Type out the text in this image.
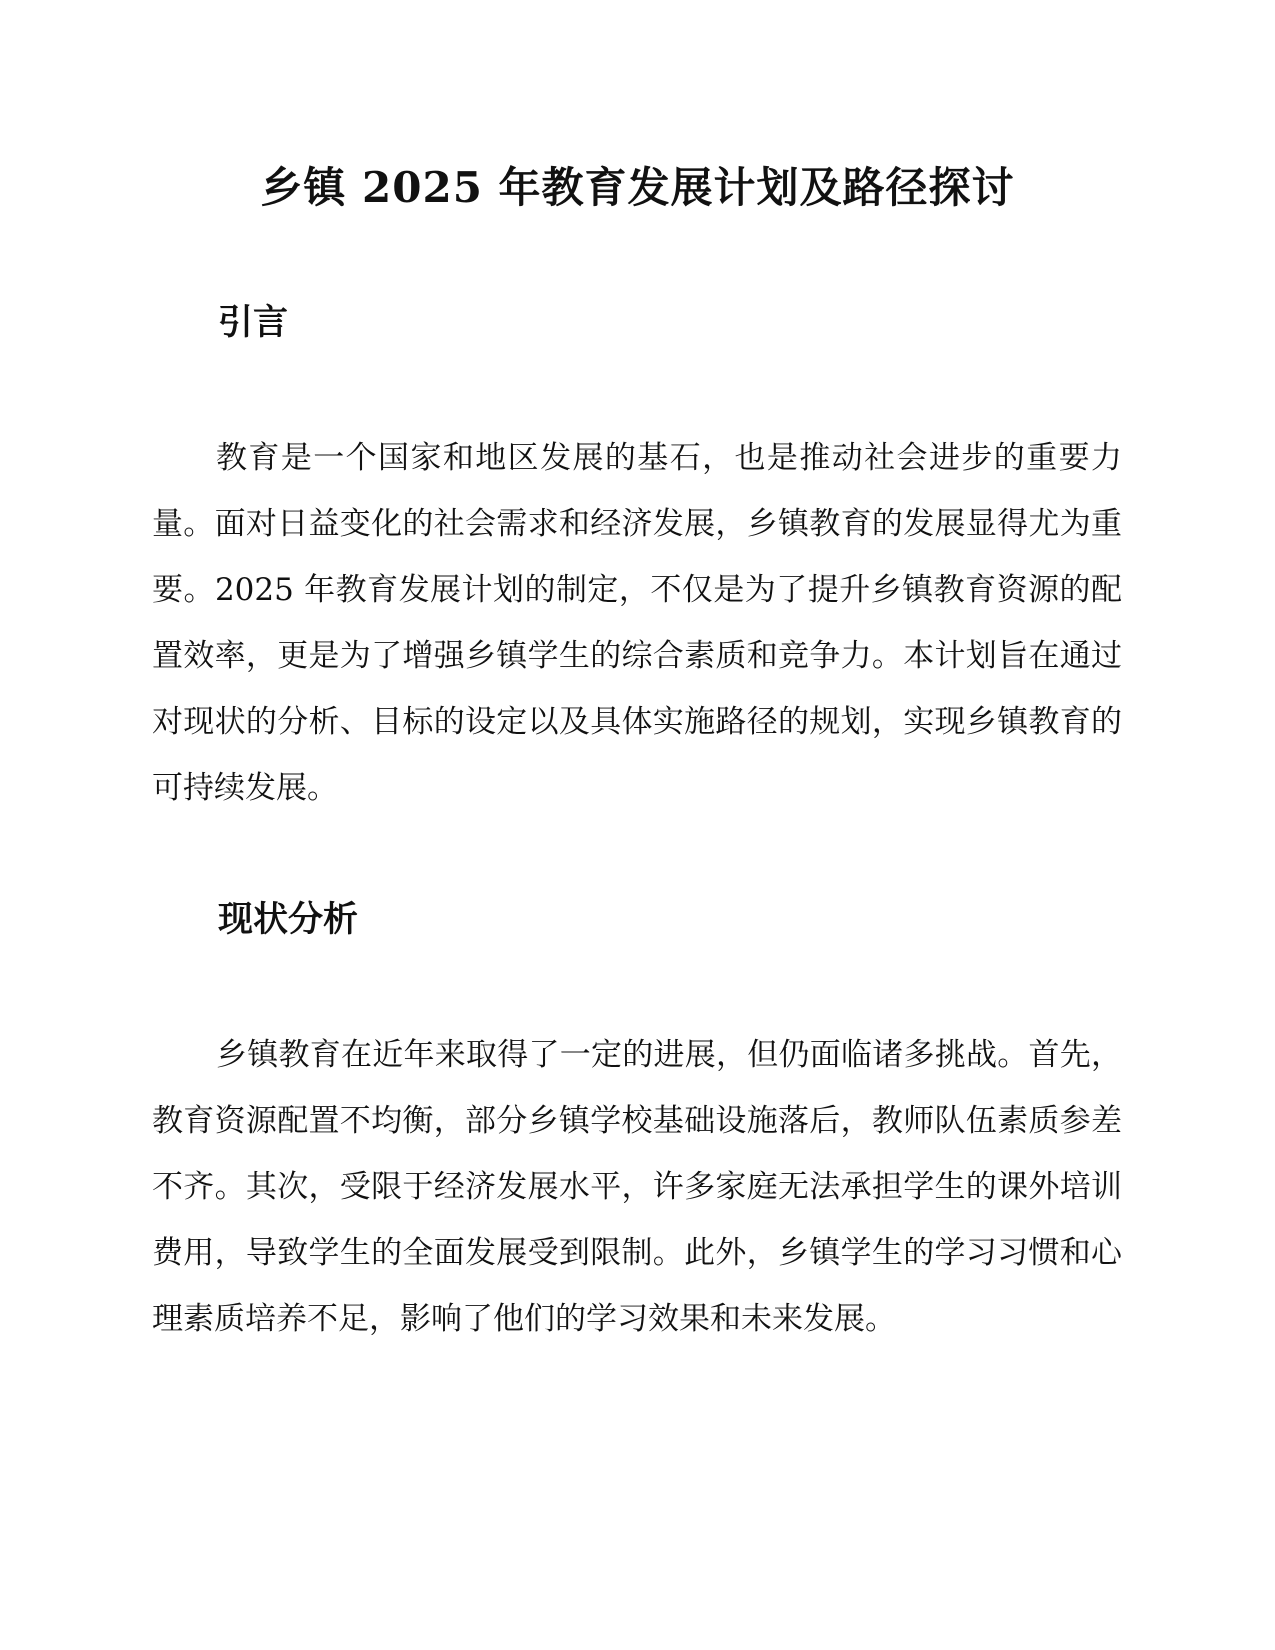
乡镇 2025 年教育发展计划及路径探讨
引言

教育是一个国家和地区发展的基石，也是推动社会进步的重要力量。面对日益变化的社会需求和经济发展，乡镇教育的发展显得尤为重要。2025 年教育发展计划的制定，不仅是为了提升乡镇教育资源的配置效率，更是为了增强乡镇学生的综合素质和竞争力。本计划旨在通过对现状的分析、目标的设定以及具体实施路径的规划，实现乡镇教育的可持续发展。

现状分析

乡镇教育在近年来取得了一定的进展，但仍面临诸多挑战。首先，教育资源配置不均衡，部分乡镇学校基础设施落后，教师队伍素质参差不齐。其次，受限于经济发展水平，许多家庭无法承担学生的课外培训费用，导致学生的全面发展受到限制。此外，乡镇学生的学习习惯和心理素质培养不足，影响了他们的学习效果和未来发展。
